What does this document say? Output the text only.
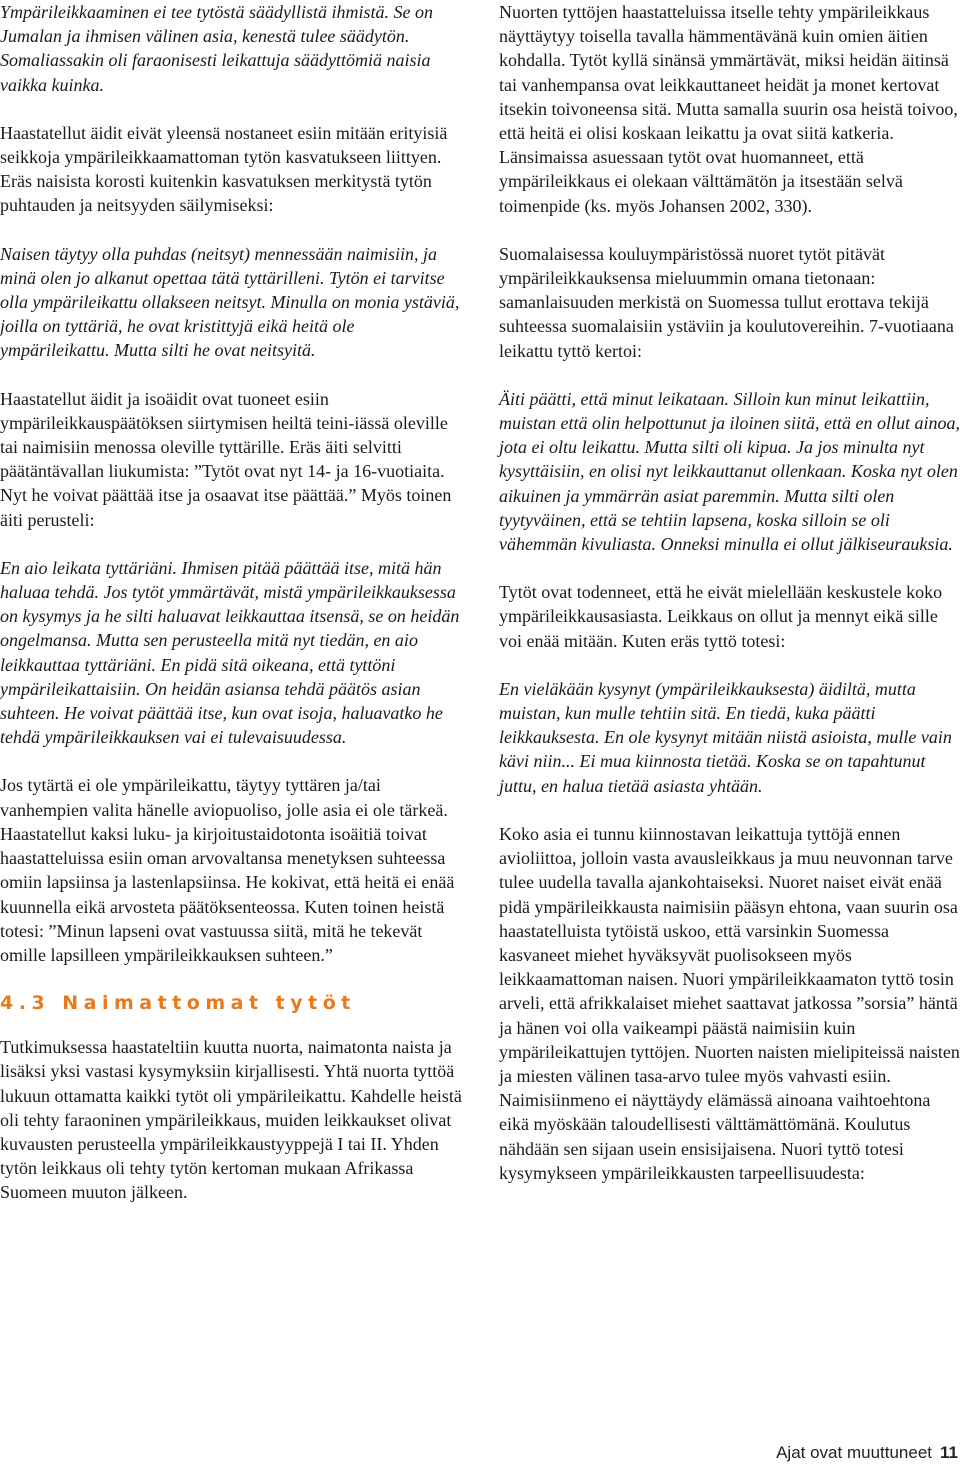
Ympärileikkaaminen ei tee tytöstä säädyllistä ihmistä. Se on Jumalan ja ihmisen välinen asia, kenestä tulee säädytön. Somaliassakin oli faraonisesti leikattuja säädyttömiä naisia vaikka kuinka.

Haastatellut äidit eivät yleensä nostaneet esiin mitään erityisiä seikkoja ympärileikkaamattoman tytön kasvatukseen liittyen. Eräs naisista korosti kuitenkin kasvatuksen merkitystä tytön puhtauden ja neitsyyden säilymiseksi:

Naisen täytyy olla puhdas (neitsyt) mennessään naimisiin, ja minä olen jo alkanut opettaa tätä tyttärilleni. Tytön ei tarvitse olla ympärileikattu ollakseen neitsyt. Minulla on monia ystäviä, joilla on tyttäriä, he ovat kristittyjä eikä heitä ole ympärileikattu. Mutta silti he ovat neitsyitä.

Haastatellut äidit ja isoäidit ovat tuoneet esiin ympärileikkauspäätöksen siirtymisen heiltä teini-iässä oleville tai naimisiin menossa oleville tyttärille. Eräs äiti selvitti päätäntävallan liukumista: ”Tytöt ovat nyt 14- ja 16-vuotiaita. Nyt he voivat päättää itse ja osaavat itse päättää.” Myös toinen äiti perusteli:

En aio leikata tyttäriäni. Ihmisen pitää päättää itse, mitä hän haluaa tehdä. Jos tytöt ymmärtävät, mistä ympärileikkauksessa on kysymys ja he silti haluavat leikkauttaa itsensä, se on heidän ongelmansa. Mutta sen perusteella mitä nyt tiedän, en aio leikkauttaa tyttäriäni. En pidä sitä oikeana, että tyttöni ympärileikattaisiin. On heidän asiansa tehdä päätös asian suhteen. He voivat päättää itse, kun ovat isoja, haluavatko he tehdä ympärileikkauksen vai ei tulevaisuudessa.

Jos tytärtä ei ole ympärileikattu, täytyy tyttären ja/tai vanhempien valita hänelle aviopuoliso, jolle asia ei ole tärkeä. Haastatellut kaksi luku- ja kirjoitustaidotonta isoäitiä toivat haastatteluissa esiin oman arvovaltansa menetyksen suhteessa omiin lapsiinsa ja lastenlapsiinsa. He kokivat, että heitä ei enää kuunnella eikä arvosteta päätöksenteossa. Kuten toinen heistä totesi: ”Minun lapseni ovat vastuussa siitä, mitä he tekevät omille lapsilleen ympärileikkauksen suhteen.”

4.3 Naimattomat tytöt

Tutkimuksessa haastateltiin kuutta nuorta, naimatonta naista ja lisäksi yksi vastasi kysymyksiin kirjallisesti. Yhtä nuorta tyttöä lukuun ottamatta kaikki tytöt oli ympärileikattu. Kahdelle heistä oli tehty faraoninen ympärileikkaus, muiden leikkaukset olivat kuvausten perusteella ympärileikkaustyyppejä I tai II. Yhden tytön leikkaus oli tehty tytön kertoman mukaan Afrikassa Suomeen muuton jälkeen.

Nuorten tyttöjen haastatteluissa itselle tehty ympärileikkaus näyttäytyy toisella tavalla hämmentävänä kuin omien äitien kohdalla. Tytöt kyllä sinänsä ymmärtävät, miksi heidän äitinsä tai vanhempansa ovat leikkauttaneet heidät ja monet kertovat itsekin toivoneensa sitä. Mutta samalla suurin osa heistä toivoo, että heitä ei olisi koskaan leikattu ja ovat siitä katkeria. Länsimaissa asuessaan tytöt ovat huomanneet, että ympärileikkaus ei olekaan välttämätön ja itsestään selvä toimenpide (ks. myös Johansen 2002, 330).

Suomalaisessa kouluympäristössä nuoret tytöt pitävät ympärileikkauksensa mieluummin omana tietonaan: samanlaisuuden merkistä on Suomessa tullut erottava tekijä suhteessa suomalaisiin ystäviin ja koulutovereihin. 7-vuotiaana leikattu tyttö kertoi:

Äiti päätti, että minut leikataan. Silloin kun minut leikattiin, muistan että olin helpottunut ja iloinen siitä, että en ollut ainoa, jota ei oltu leikattu. Mutta silti oli kipua. Ja jos minulta nyt kysyttäisiin, en olisi nyt leikkauttanut ollenkaan. Koska nyt olen aikuinen ja ymmärrän asiat paremmin. Mutta silti olen tyytyväinen, että se tehtiin lapsena, koska silloin se oli vähemmän kivuliasta. Onneksi minulla ei ollut jälkiseurauksia.

Tytöt ovat todenneet, että he eivät mielellään keskustele koko ympärileikkausasiasta. Leikkaus on ollut ja mennyt eikä sille voi enää mitään. Kuten eräs tyttö totesi:

En vieläkään kysynyt (ympärileikkauksesta) äidiltä, mutta muistan, kun mulle tehtiin sitä. En tiedä, kuka päätti leikkauksesta. En ole kysynyt mitään niistä asioista, mulle vain kävi niin... Ei mua kiinnosta tietää. Koska se on tapahtunut juttu, en halua tietää asiasta yhtään.

Koko asia ei tunnu kiinnostavan leikattuja tyttöjä ennen avioliittoa, jolloin vasta avausleikkaus ja muu neuvonnan tarve tulee uudella tavalla ajankohtaiseksi. Nuoret naiset eivät enää pidä ympärileikkausta naimisiin pääsyn ehtona, vaan suurin osa haastatelluista tytöistä uskoo, että varsinkin Suomessa kasvaneet miehet hyväksyvät puolisokseen myös leikkaamattoman naisen. Nuori ympärileikkaamaton tyttö tosin arveli, että afrikkalaiset miehet saattavat jatkossa ”sorsia” häntä ja hänen voi olla vaikeampi päästä naimisiin kuin ympärileikattujen tyttöjen. Nuorten naisten mielipiteissä naisten ja miesten välinen tasa-arvo tulee myös vahvasti esiin. Naimisiinmeno ei näyttäydy elämässä ainoana vaihtoehtona eikä myöskään taloudellisesti välttämättömänä. Koulutus nähdään sen sijaan usein ensisijaisena. Nuori tyttö totesi kysymykseen ympärileikkausten tarpeellisuudesta:

Ajat ovat muuttuneet 11
